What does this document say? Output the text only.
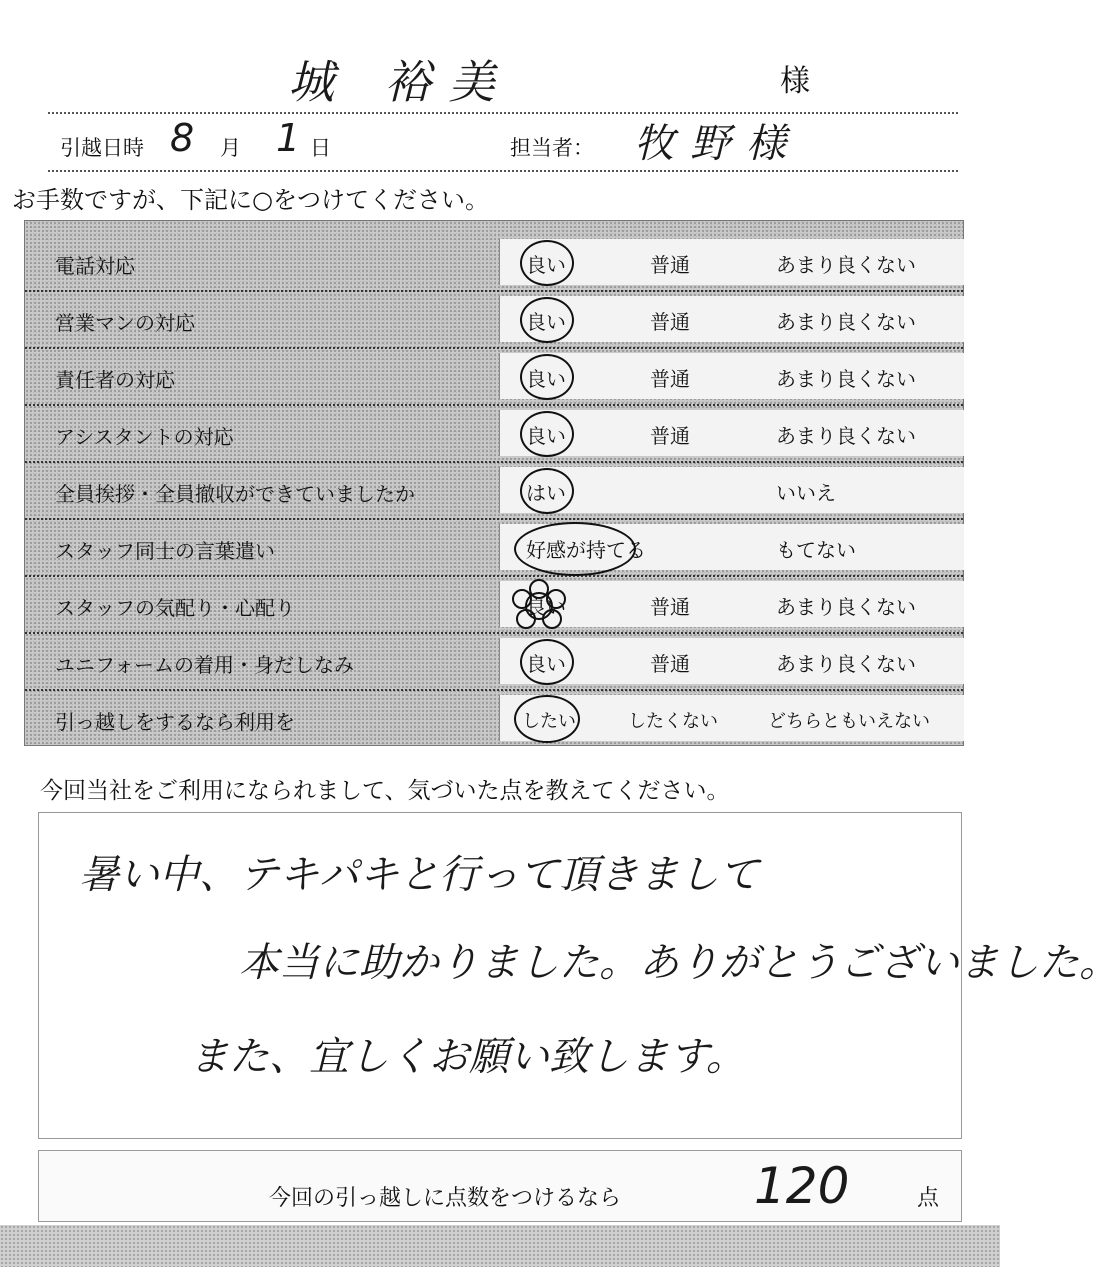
城 裕美	様
引越日時 8 月 1 日	担当者： 牧野様
お手数ですが、下記に○をつけてください。
電話対応	良い	普通	あまり良くない
営業マンの対応	良い	普通	あまり良くない
責任者の対応	良い	普通	あまり良くない
アシスタントの対応	良い	普通	あまり良くない
全員挨拶・全員撤収ができていましたか	はい	いいえ
スタッフ同士の言葉遣い	好感が持てる	もてない
スタッフの気配り・心配り	良い	普通	あまり良くない
ユニフォームの着用・身だしなみ	良い	普通	あまり良くない
引っ越しをするなら利用を	したい	したくない	どちらともいえない
今回当社をご利用になられまして、気づいた点を教えてください。
暑い中、テキパキと行って頂きまして
本当に助かりました。ありがとうございました。
また、宜しくお願い致します。
今回の引っ越しに点数をつけるなら	120	点
